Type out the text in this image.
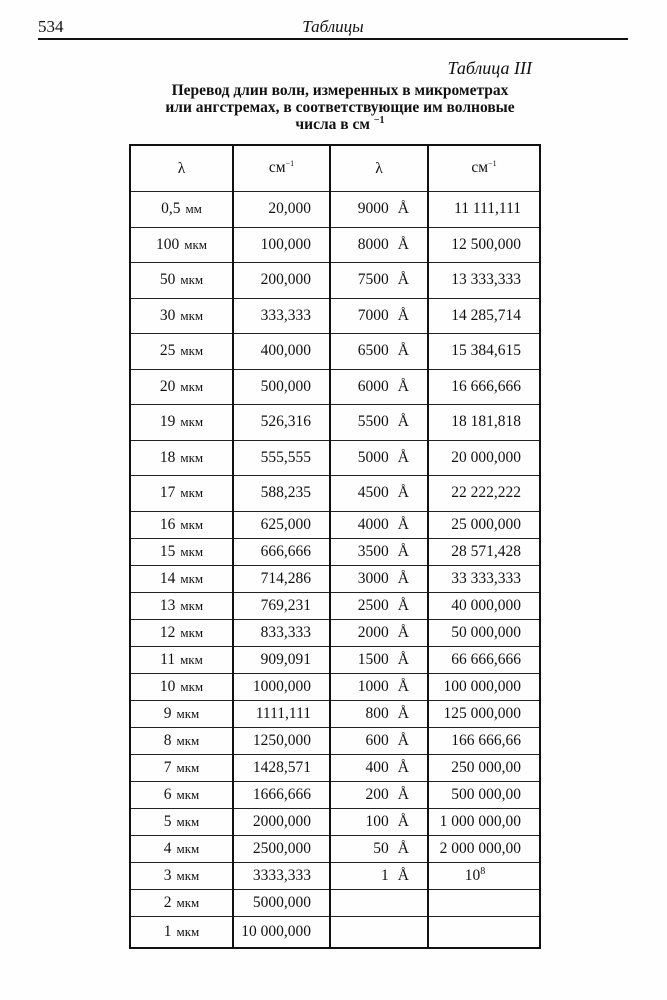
534	Таблицы
Таблица III
Перевод длин волн, измеренных в микрометрах
или ангстремах, в соответствующие им волновые
числа в см $^{-1}$
λ	$см^{-1}$	λ	$см^{-1}$
0,5 мм	20,000	9000 Å	11 111,111
100 мкм	100,000	8000 Å	12 500,000
50 мкм	200,000	7500 Å	13 333,333
30 мкм	333,333	7000 Å	14 285,714
25 мкм	400,000	6500 Å	15 384,615
20 мкм	500,000	6000 Å	16 666,666
19 мкм	526,316	5500 Å	18 181,818
18 мкм	555,555	5000 Å	20 000,000
17 мкм	588,235	4500 Å	22 222,222
16 мкм	625,000	4000 Å	25 000,000
15 мкм	666,666	3500 Å	28 571,428
14 мкм	714,286	3000 Å	33 333,333
13 мкм	769,231	2500 Å	40 000,000
12 мкм	833,333	2000 Å	50 000,000
11 мкм	909,091	1500 Å	66 666,666
10 мкм	1000,000	1000 Å	100 000,000
9 мкм	1111,111	800 Å	125 000,000
8 мкм	1250,000	600 Å	166 666,66
7 мкм	1428,571	400 Å	250 000,00
6 мкм	1666,666	200 Å	500 000,00
5 мкм	2000,000	100 Å	1 000 000,00
4 мкм	2500,000	50 Å	2 000 000,00
3 мкм	3333,333	1 Å	$10^8$
2 мкм	5000,000		
1 мкм	10 000,000		
